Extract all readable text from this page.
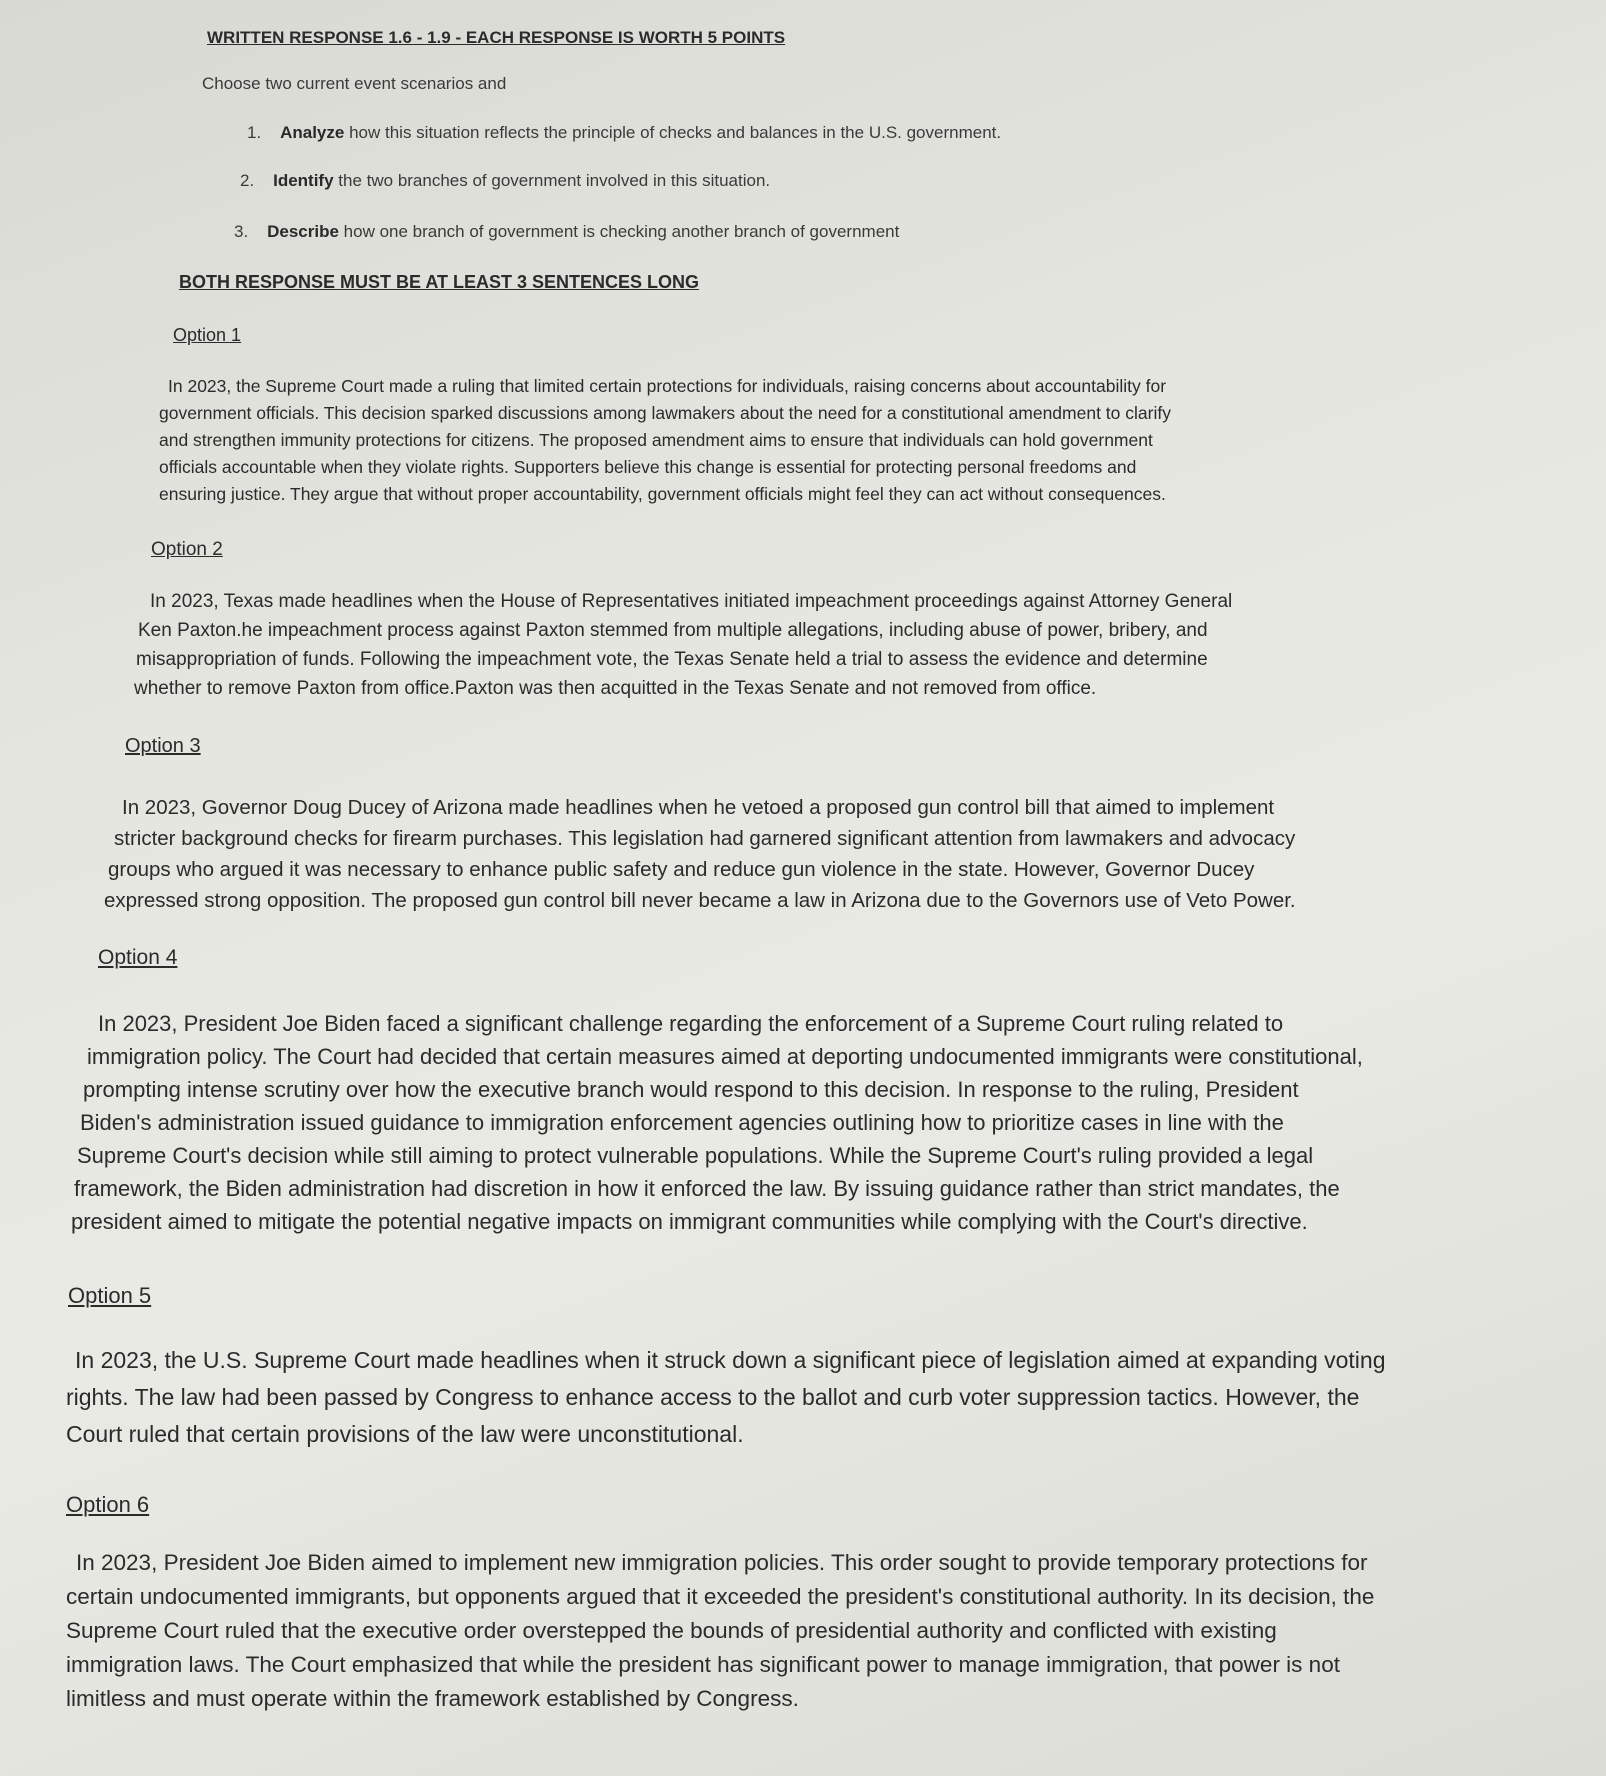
WRITTEN RESPONSE 1.6 - 1.9 - EACH RESPONSE IS WORTH 5 POINTS
Choose two current event scenarios and
1. Analyze how this situation reflects the principle of checks and balances in the U.S. government.
2. Identify the two branches of government involved in this situation.
3. Describe how one branch of government is checking another branch of government
BOTH RESPONSE MUST BE AT LEAST 3 SENTENCES LONG
Option 1
In 2023, the Supreme Court made a ruling that limited certain protections for individuals, raising concerns about accountability for
government officials. This decision sparked discussions among lawmakers about the need for a constitutional amendment to clarify
and strengthen immunity protections for citizens. The proposed amendment aims to ensure that individuals can hold government
officials accountable when they violate rights. Supporters believe this change is essential for protecting personal freedoms and
ensuring justice. They argue that without proper accountability, government officials might feel they can act without consequences.
Option 2
In 2023, Texas made headlines when the House of Representatives initiated impeachment proceedings against Attorney General
Ken Paxton.he impeachment process against Paxton stemmed from multiple allegations, including abuse of power, bribery, and
misappropriation of funds. Following the impeachment vote, the Texas Senate held a trial to assess the evidence and determine
whether to remove Paxton from office.Paxton was then acquitted in the Texas Senate and not removed from office.
Option 3
In 2023, Governor Doug Ducey of Arizona made headlines when he vetoed a proposed gun control bill that aimed to implement
stricter background checks for firearm purchases. This legislation had garnered significant attention from lawmakers and advocacy
groups who argued it was necessary to enhance public safety and reduce gun violence in the state. However, Governor Ducey
expressed strong opposition. The proposed gun control bill never became a law in Arizona due to the Governors use of Veto Power.
Option 4
In 2023, President Joe Biden faced a significant challenge regarding the enforcement of a Supreme Court ruling related to
immigration policy. The Court had decided that certain measures aimed at deporting undocumented immigrants were constitutional,
prompting intense scrutiny over how the executive branch would respond to this decision. In response to the ruling, President
Biden's administration issued guidance to immigration enforcement agencies outlining how to prioritize cases in line with the
Supreme Court's decision while still aiming to protect vulnerable populations. While the Supreme Court's ruling provided a legal
framework, the Biden administration had discretion in how it enforced the law. By issuing guidance rather than strict mandates, the
president aimed to mitigate the potential negative impacts on immigrant communities while complying with the Court's directive.
Option 5
In 2023, the U.S. Supreme Court made headlines when it struck down a significant piece of legislation aimed at expanding voting
rights. The law had been passed by Congress to enhance access to the ballot and curb voter suppression tactics. However, the
Court ruled that certain provisions of the law were unconstitutional.
Option 6
In 2023, President Joe Biden aimed to implement new immigration policies. This order sought to provide temporary protections for
certain undocumented immigrants, but opponents argued that it exceeded the president's constitutional authority. In its decision, the
Supreme Court ruled that the executive order overstepped the bounds of presidential authority and conflicted with existing
immigration laws. The Court emphasized that while the president has significant power to manage immigration, that power is not
limitless and must operate within the framework established by Congress.
